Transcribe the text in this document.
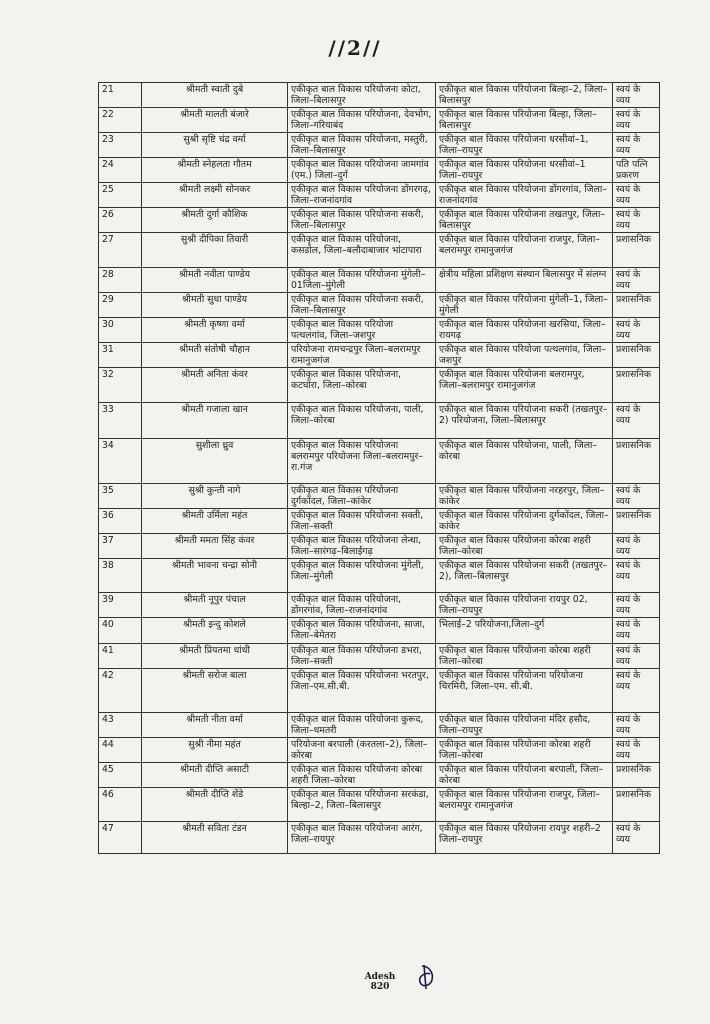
//2//
21	श्रीमती स्वाती दुबे	एकीकृत बाल विकास परियोजना कोटा, जिला–बिलासपुर	एकीकृत बाल विकास परियोजना बिल्हा–2, जिला–बिलासपुर	स्वयं के व्यय
22	श्रीमती मालती बंजारे	एकीकृत बाल विकास परियोजना, देवभोग, जिला–गरियाबंद	एकीकृत बाल विकास परियोजना बिल्हा, जिला–बिलासपुर	स्वयं के व्यय
23	सुश्री सृष्टि चंद्र वर्मा	एकीकृत बाल विकास परियोजना, मस्तुरी, जिला–बिलासपुर	एकीकृत बाल विकास परियोजना धरसीवां–1, जिला–रायपुर	स्वयं के व्यय
24	श्रीमती स्नेहलता गौतम	एकीकृत बाल विकास परियोजना जामगांव (एम.) जिला–दुर्ग	एकीकृत बाल विकास परियोजना धरसीवां–1 जिला–रायपुर	पति पत्नि प्रकरण
25	श्रीमती लक्ष्मी सोनकर	एकीकृत बाल विकास परियोजना डोंगरगढ़, जिला–राजनांदगांव	एकीकृत बाल विकास परियोजना डोंगरगांव, जिला–राजनांदगांव	स्वयं के व्यय
26	श्रीमती दुर्गा कौशिक	एकीकृत बाल विकास परियोजना सकरी, जिला–बिलासपुर	एकीकृत बाल विकास परियोजना तखतपुर, जिला–बिलासपुर	स्वयं के व्यय
27	सुश्री दीपिका तिवारी	एकीकृत बाल विकास परियोजना, कसडोल, जिला–बलौदाबाजार भांटापारा	एकीकृत बाल विकास परियोजना राजपुर, जिला–बलरामपुर रामानुजगंज	प्रशासनिक
28	श्रीमती नवीता पाण्डेय	एकीकृत बाल विकास परियोजना मुंगेली–01जिला–मुंगेली	क्षेत्रीय महिला प्रशिक्षण संस्थान बिलासपुर में संलग्न	स्वयं के व्यय
29	श्रीमती सुधा पाण्डेय	एकीकृत बाल विकास परियोजना सकरी, जिला–बिलासपुर	एकीकृत बाल विकास परियोजना मुंगेली–1, जिला–मुंगेली	प्रशासनिक
30	श्रीमती कृष्णा वर्मा	एकीकृत बाल विकास परियोजा पत्थलगांव, जिला–जशपुर	एकीकृत बाल विकास परियोजना खरसिया, जिला–रायगढ़	स्वयं के व्यय
31	श्रीमती संतोषी चौहान	परियोजना रामचन्द्रपुर जिला–बलरामपुर रामानुजगंज	एकीकृत बाल विकास परियोजा पत्थलगांव, जिला–जशपुर	प्रशासनिक
32	श्रीमती अनिता कंवर	एकीकृत बाल विकास परियोजना, कटघोरा, जिला–कोरबा	एकीकृत बाल विकास परियोजना बलरामपुर, जिला–बलरामपुर रामानुजगंज	प्रशासनिक
33	श्रीमती गजाला खान	एकीकृत बाल विकास परियोजना, पाली, जिला–कोरबा	एकीकृत बाल विकास परियोजना सकरी (तखतपुर–2) परियोजना, जिला–बिलासपुर	स्वयं के व्यय
34	सुशीला ध्रुव	एकीकृत बाल विकास परियोजना बलरामपुर परियोजना जिला–बलरामपुर–रा.गंज	एकीकृत बाल विकास परियोजना, पाली, जिला–कोरबा	प्रशासनिक
35	सुश्री कुन्ती नागे	एकीकृत बाल विकास परियोजना दुर्गकोंदल, जिला–कांकेर	एकीकृत बाल विकास परियोजना नरहरपुर, जिला–कांकेर	स्वयं के व्यय
36	श्रीमती उर्मिला महंत	एकीकृत बाल विकास परियोजना सक्ती, जिला–सक्ती	एकीकृत बाल विकास परियोजना दुर्गकोंदल, जिला–कांकेर	प्रशासनिक
37	श्रीमती ममता सिंह कंवर	एकीकृत बाल विकास परियोजना लेन्धा, जिला–सारंगढ़–बिलाईगढ़	एकीकृत बाल विकास परियोजना कोरबा शहरी जिला–कोरबा	स्वयं के व्यय
38	श्रीमती भावना चन्द्रा सोनी	एकीकृत बाल विकास परियोजना मुंगेली, जिला–मुंगेली	एकीकृत बाल विकास परियोजना सकरी (तखतपुर–2), जिला–बिलासपुर	स्वयं के व्यय
39	श्रीमती नूपुर पंचाल	एकीकृत बाल विकास परियोजना, डोंगरगांव, जिला–राजनांदगांव	एकीकृत बाल विकास परियोजना रायपुर 02, जिला–रायपुर	स्वयं के व्यय
40	श्रीमती इन्दु कोशले	एकीकृत बाल विकास परियोजना, साजा, जिला–बेमेतरा	भिलाई–2 परियोजना,जिला–दुर्ग	स्वयं के व्यय
41	श्रीमती प्रियतमा धांधी	एकीकृत बाल विकास परियोजना डभरा, जिला–सक्ती	एकीकृत बाल विकास परियोजना कोरबा शहरी जिला–कोरबा	स्वयं के व्यय
42	श्रीमती सरोज बाला	एकीकृत बाल विकास परियोजना भरतपुर, जिला–एम.सी.बी.	एकीकृत बाल विकास परियोजना परियोजना चिरमिरी, जिला–एम. सी.बी.	स्वयं के व्यय
43	श्रीमती नीता वर्मा	एकीकृत बाल विकास परियोजना कुरूद, जिला–धमतरी	एकीकृत बाल विकास परियोजना मंदिर हसौद, जिला–रायपुर	स्वयं के व्यय
44	सुश्री नीमा महंत	परियोजना बरपाली (करतला–2), जिला–कोरबा	एकीकृत बाल विकास परियोजना कोरबा शहरी जिला–कोरबा	स्वयं के व्यय
45	श्रीमती दीप्ति असाटी	एकीकृत बाल विकास परियोजना कोरबा शहरी जिला–कोरबा	एकीकृत बाल विकास परियोजना बरपाली, जिला–कोरबा	प्रशासनिक
46	श्रीमती दीप्ति शेंडे	एकीकृत बाल विकास परियोजना सरकंडा, बिल्हा–2, जिला–बिलासपुर	एकीकृत बाल विकास परियोजना राजपुर, जिला–बलरामपुर रामानुजगंज	प्रशासनिक
47	श्रीमती सविता टंडन	एकीकृत बाल विकास परियोजना आरंग, जिला–रायपुर	एकीकृत बाल विकास परियोजना रायपुर शहरी–2 जिला–रायपुर	स्वयं के व्यय
Adesh
820
